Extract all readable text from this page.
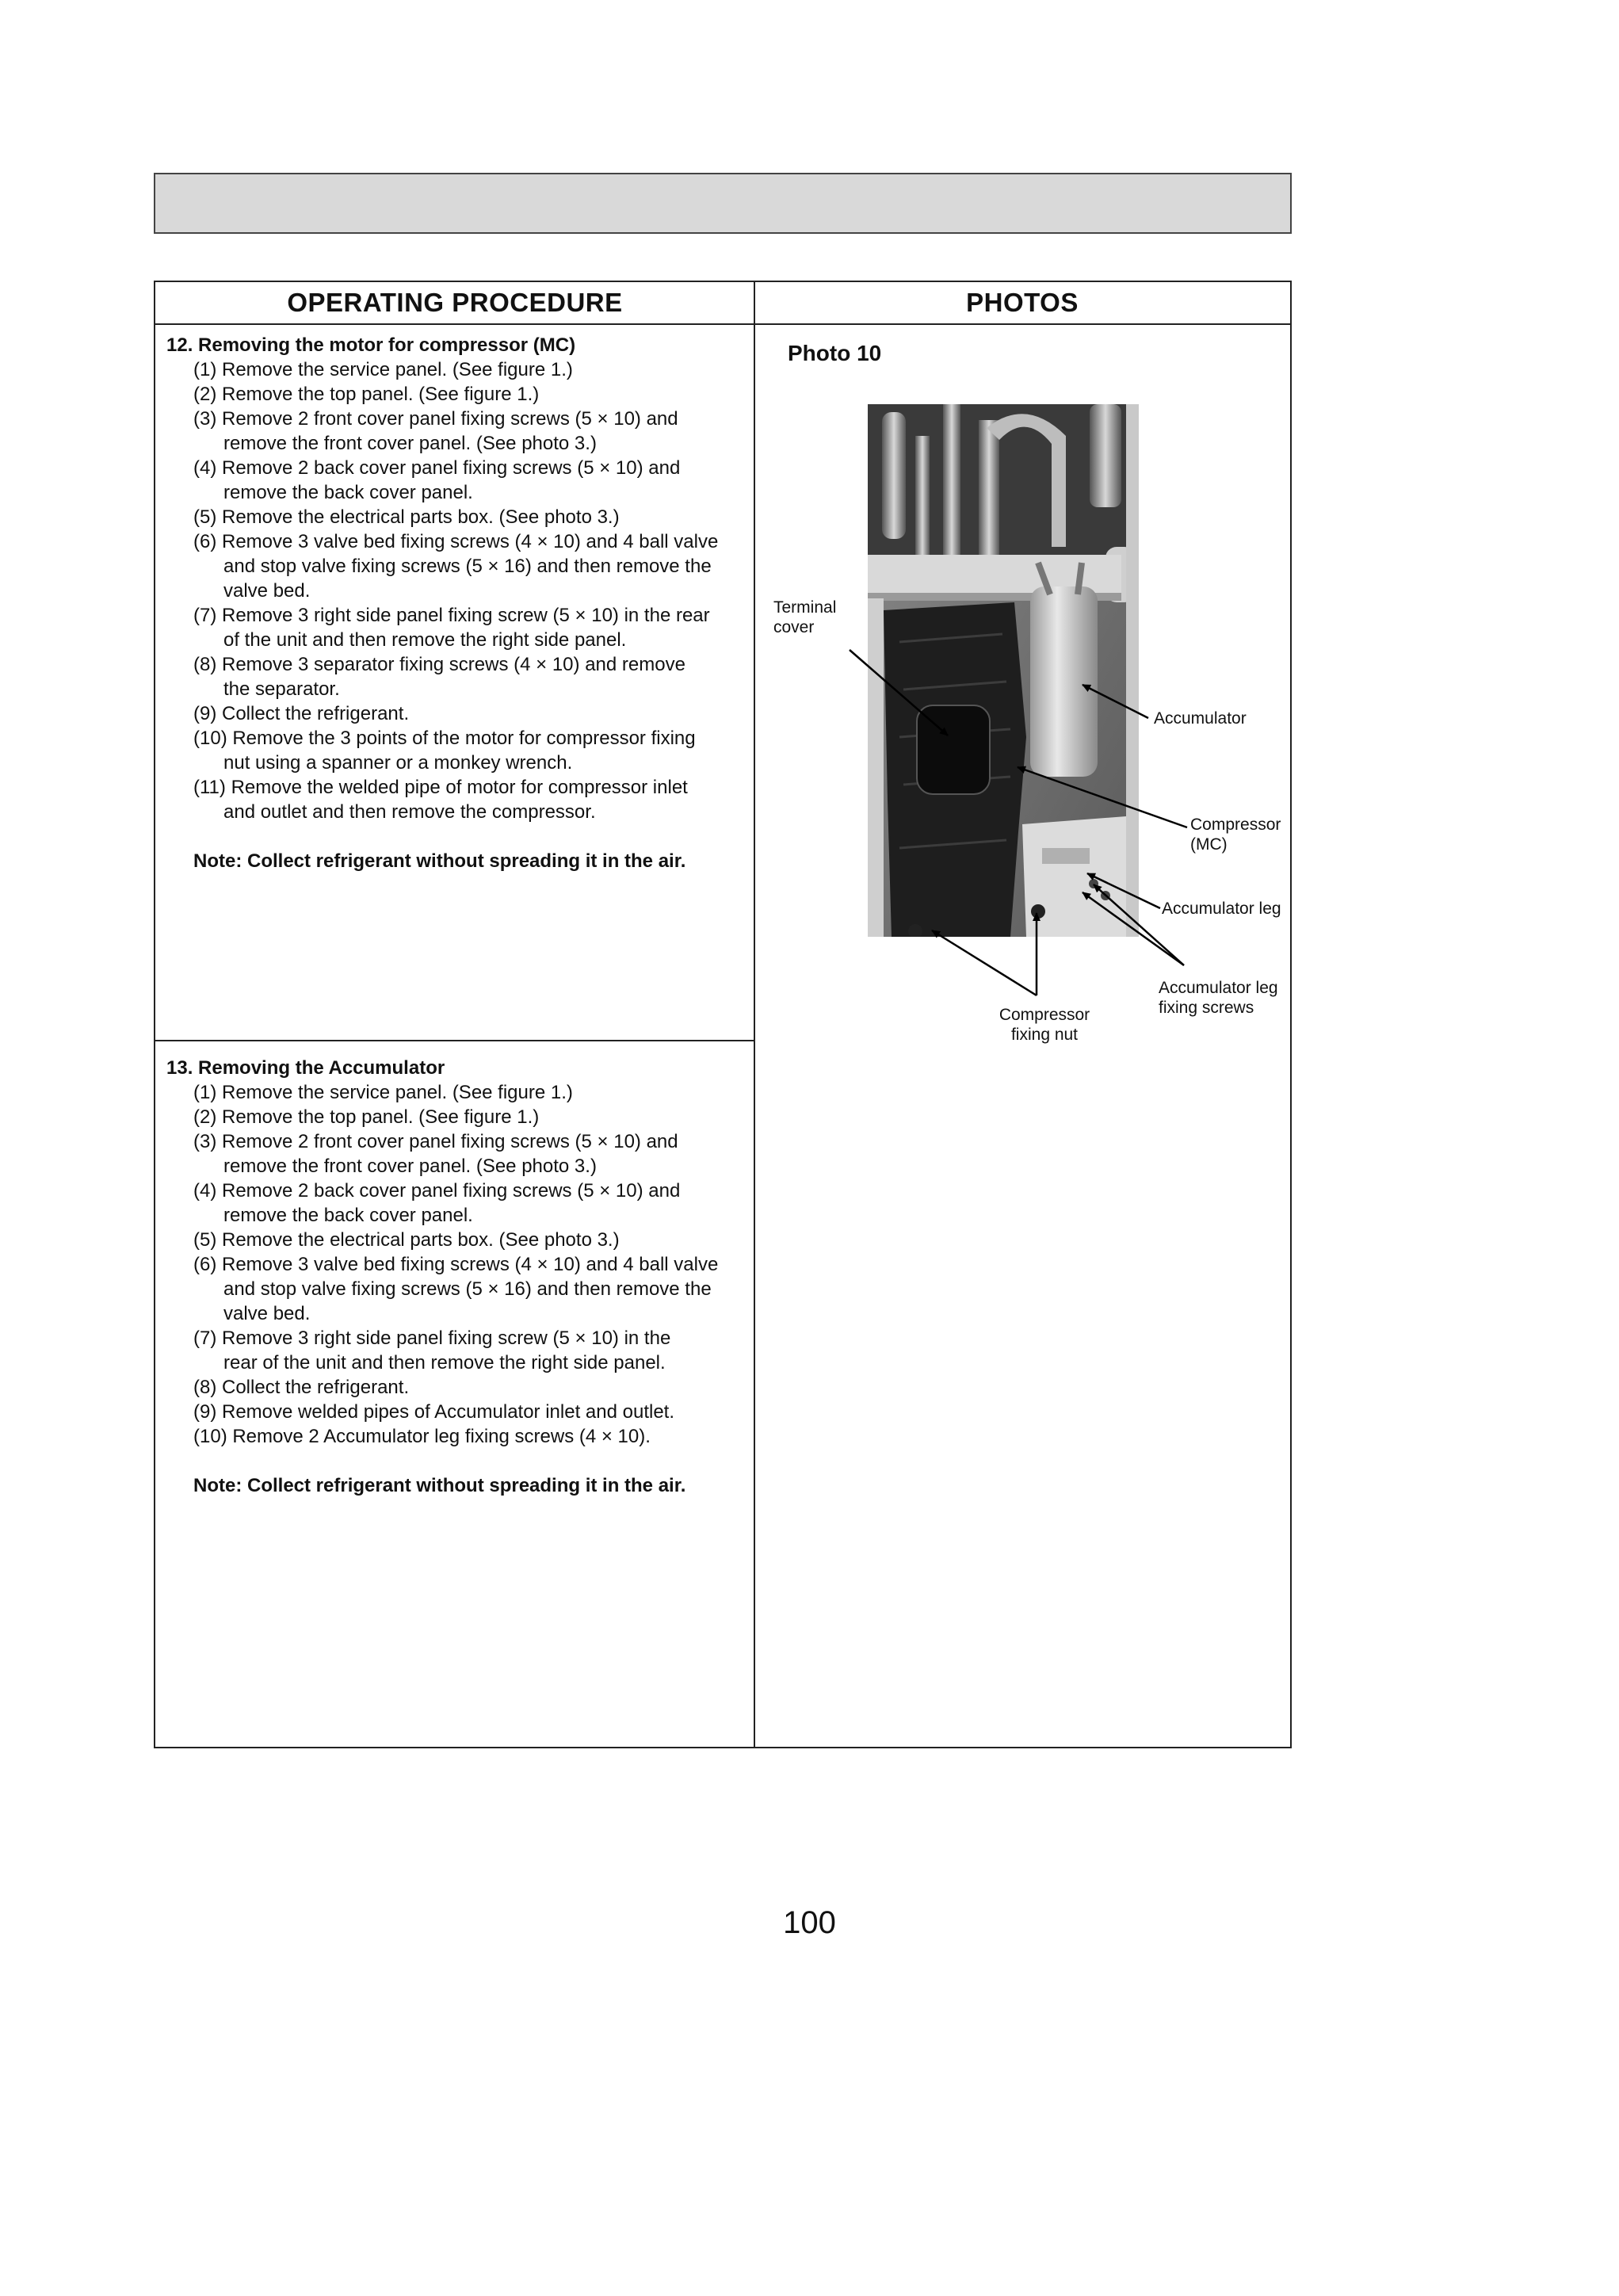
OPERATING PROCEDURE	PHOTOS
12. Removing the motor for compressor (MC)
(1) Remove the service panel. (See figure 1.)
(2) Remove the top panel. (See figure 1.)
(3) Remove 2 front cover panel fixing screws (5 × 10) and
remove the front cover panel. (See photo 3.)
(4) Remove 2 back cover panel fixing screws (5 × 10) and
remove the back cover panel.
(5) Remove the electrical parts box. (See photo 3.)
(6) Remove 3 valve bed fixing screws (4 × 10) and 4 ball valve
and stop valve fixing screws (5 × 16) and then remove the
valve bed.
(7) Remove 3 right side panel fixing screw (5 × 10) in the rear
of the unit and then remove the right side panel.
(8) Remove 3 separator fixing screws (4 × 10) and remove
the separator.
(9) Collect the refrigerant.
(10) Remove the 3 points of the motor for compressor fixing
nut using a spanner or a monkey wrench.
(11) Remove the welded pipe of motor for compressor inlet
and outlet and then remove the compressor.
Note: Collect refrigerant without spreading it in the air.
13. Removing the Accumulator
(1) Remove the service panel. (See figure 1.)
(2) Remove the top panel. (See figure 1.)
(3) Remove 2 front cover panel fixing screws (5 × 10) and
remove the front cover panel. (See photo 3.)
(4) Remove 2 back cover panel fixing screws (5 × 10) and
remove the back cover panel.
(5) Remove the electrical parts box. (See photo 3.)
(6) Remove 3 valve bed fixing screws (4 × 10) and 4 ball valve
and stop valve fixing screws (5 × 16) and then remove the
valve bed.
(7) Remove 3 right side panel fixing screw (5 × 10) in the
rear of the unit and then remove the right side panel.
(8) Collect the refrigerant.
(9) Remove welded pipes of Accumulator inlet and outlet.
(10) Remove 2 Accumulator leg fixing screws (4 × 10).
Note: Collect refrigerant without spreading it in the air.
Photo 10
Terminal
cover
Accumulator
Compressor
(MC)
Accumulator leg
Accumulator leg
fixing screws
Compressor
fixing nut
100
